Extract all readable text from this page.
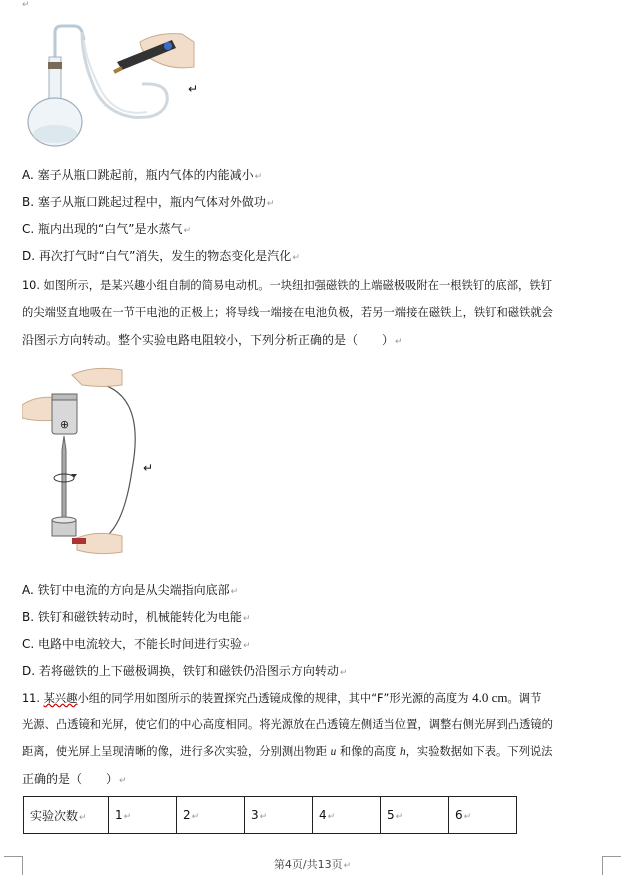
↵
↵
A. 塞子从瓶口跳起前，瓶内气体的内能减小↵
B. 塞子从瓶口跳起过程中，瓶内气体对外做功↵
C. 瓶内出现的“白气”是水蒸气↵
D. 再次打气时“白气”消失，发生的物态变化是汽化↵
10. 如图所示，是某兴趣小组自制的简易电动机。一块纽扣强磁铁的上端磁极吸附在一根铁钉的底部，铁钉
的尖端竖直地吸在一节干电池的正极上；将导线一端接在电池负极，若另一端接在磁铁上，铁钉和磁铁就会
沿图示方向转动。整个实验电路电阻较小，下列分析正确的是（　　）↵
⊕
↵
A. 铁钉中电流的方向是从尖端指向底部↵
B. 铁钉和磁铁转动时，机械能转化为电能↵
C. 电路中电流较大，不能长时间进行实验↵
D. 若将磁铁的上下磁极调换，铁钉和磁铁仍沿图示方向转动↵
11. 某兴趣小组的同学用如图所示的装置探究凸透镜成像的规律，其中“F”形光源的高度为 4.0 cm。调节
光源、凸透镜和光屏，使它们的中心高度相同。将光源放在凸透镜左侧适当位置，调整右侧光屏到凸透镜的
距离，使光屏上呈现清晰的像，进行多次实验，分别测出物距 u 和像的高度 h，实验数据如下表。下列说法
正确的是（　　）↵
实验次数↵	1↵	2↵	3↵	4↵	5↵	6↵
第4页/共13页↵
